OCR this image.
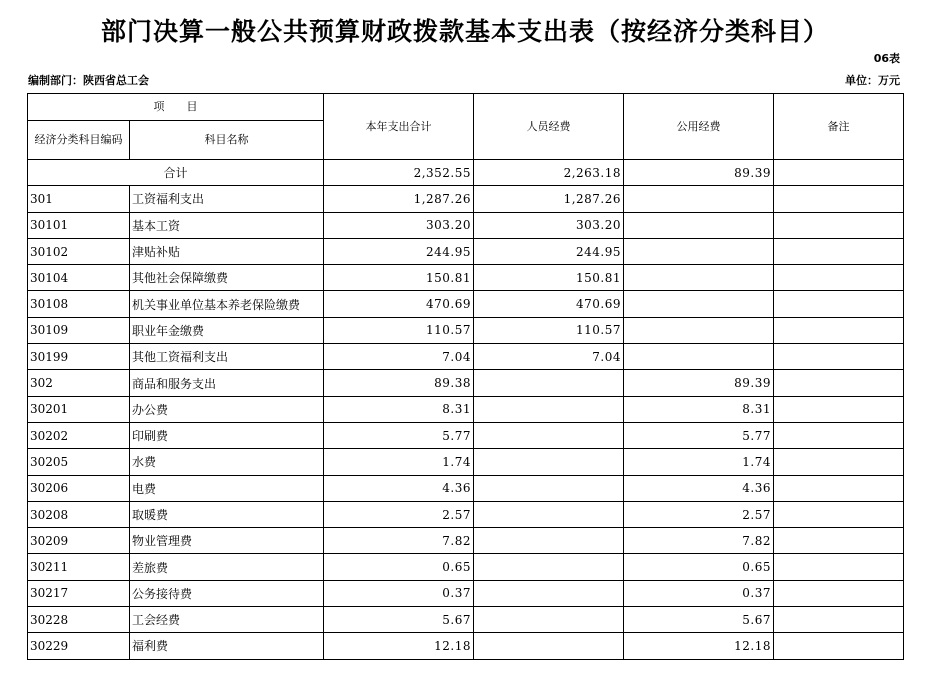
部门决算一般公共预算财政拨款基本支出表（按经济分类科目）
06表
编制部门：陕西省总工会	单位：万元
项　　目		本年支出合计	人员经费	公用经费	备注
经济分类科目编码	科目名称				
合计		2,352.55	2,263.18	89.39	
301	工资福利支出	1,287.26	1,287.26		
30101	基本工资	303.20	303.20		
30102	津贴补贴	244.95	244.95		
30104	其他社会保障缴费	150.81	150.81		
30108	机关事业单位基本养老保险缴费	470.69	470.69		
30109	职业年金缴费	110.57	110.57		
30199	其他工资福利支出	7.04	7.04		
302	商品和服务支出	89.38		89.39	
30201	办公费	8.31		8.31	
30202	印刷费	5.77		5.77	
30205	水费	1.74		1.74	
30206	电费	4.36		4.36	
30208	取暖费	2.57		2.57	
30209	物业管理费	7.82		7.82	
30211	差旅费	0.65		0.65	
30217	公务接待费	0.37		0.37	
30228	工会经费	5.67		5.67	
30229	福利费	12.18		12.18	
